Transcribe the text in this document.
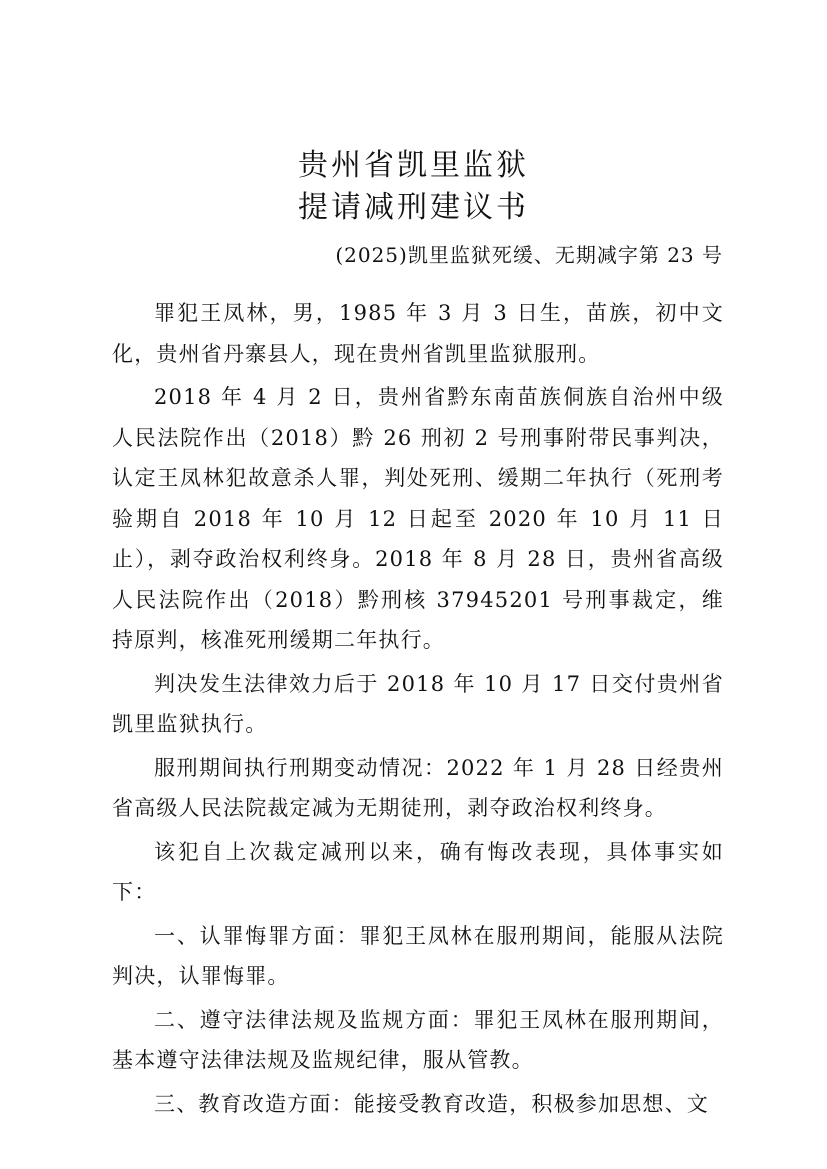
贵州省凯里监狱
提请减刑建议书
(2025)凯里监狱死缓、无期减字第 23 号

罪犯王凤林，男，1985 年 3 月 3 日生，苗族，初中文化，贵州省丹寨县人，现在贵州省凯里监狱服刑。

2018 年 4 月 2 日，贵州省黔东南苗族侗族自治州中级人民法院作出（2018）黔 26 刑初 2 号刑事附带民事判决，认定王凤林犯故意杀人罪，判处死刑、缓期二年执行（死刑考验期自 2018 年 10 月 12 日起至 2020 年 10 月 11 日止），剥夺政治权利终身。2018 年 8 月 28 日，贵州省高级人民法院作出（2018）黔刑核 37945201 号刑事裁定，维持原判，核准死刑缓期二年执行。

判决发生法律效力后于 2018 年 10 月 17 日交付贵州省凯里监狱执行。

服刑期间执行刑期变动情况：2022 年 1 月 28 日经贵州省高级人民法院裁定减为无期徒刑，剥夺政治权利终身。

该犯自上次裁定减刑以来，确有悔改表现，具体事实如下：

一、认罪悔罪方面：罪犯王凤林在服刑期间，能服从法院判决，认罪悔罪。

二、遵守法律法规及监规方面：罪犯王凤林在服刑期间，基本遵守法律法规及监规纪律，服从管教。

三、教育改造方面：能接受教育改造，积极参加思想、文
